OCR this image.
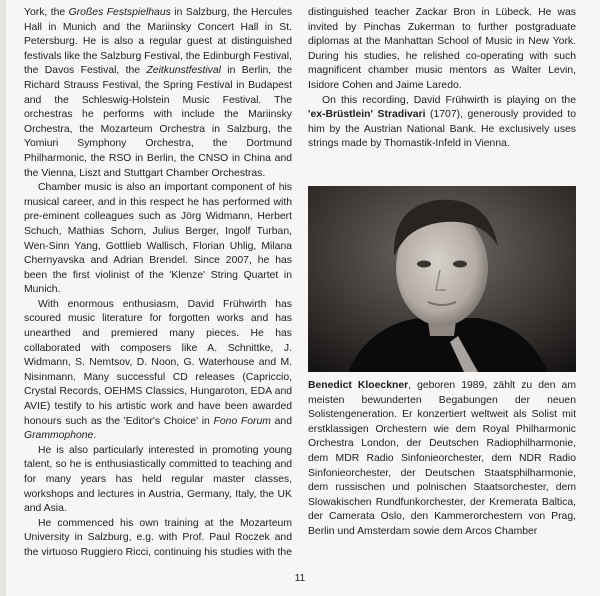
York, the Großes Festspielhaus in Salzburg, the Hercules Hall in Munich and the Mariinsky Concert Hall in St. Petersburg. He is also a regular guest at distinguished festivals like the Salzburg Festival, the Edinburgh Festival, the Davos Festival, the Zeitkunstfestival in Berlin, the Richard Strauss Festival, the Spring Festival in Budapest and the Schleswig-Holstein Music Festival. The orchestras he performs with include the Mariinsky Orchestra, the Mozarteum Orchestra in Salzburg, the Yomiuri Symphony Orchestra, the Dortmund Philharmonic, the RSO in Berlin, the CNSO in China and the Vienna, Liszt and Stuttgart Chamber Orchestras.

Chamber music is also an important component of his musical career, and in this respect he has performed with pre-eminent colleagues such as Jörg Widmann, Herbert Schuch, Mathias Schorn, Julius Berger, Ingolf Turban, Wen-Sinn Yang, Gottlieb Wallisch, Florian Uhlig, Milana Chernyavska and Adrian Brendel. Since 2007, he has been the first violinist of the 'Klenze' String Quartet in Munich.

With enormous enthusiasm, David Frühwirth has scoured music literature for forgotten works and has unearthed and premiered many pieces. He has collaborated with composers like A. Schnittke, J. Widmann, S. Nemtsov, D. Noon, G. Waterhouse and M. Nisinmann. Many successful CD releases (Capriccio, Crystal Records, OEHMS Classics, Hungaroton, EDA and AVIE) testify to his artistic work and have been awarded honours such as the 'Editor's Choice' in Fono Forum and Grammophone.

He is also particularly interested in promoting young talent, so he is enthusiastically committed to teaching and for many years has held regular master classes, workshops and lectures in Austria, Germany, Italy, the UK and Asia.

He commenced his own training at the Mozarteum University in Salzburg, e.g. with Prof. Paul Roczek and the virtuoso Ruggiero Ricci, continuing his studies with the

distinguished teacher Zackar Bron in Lübeck. He was invited by Pinchas Zukerman to further postgraduate diplomas at the Manhattan School of Music in New York. During his studies, he relished co-operating with such magnificent chamber music mentors as Walter Levin, Isidore Cohen and Jaime Laredo.

On this recording, David Frühwirth is playing on the 'ex-Brüstlein' Stradivari (1707), generously provided to him by the Austrian National Bank. He exclusively uses strings made by Thomastik-Infeld in Vienna.

Benedict Kloeckner, geboren 1989, zählt zu den am meisten bewunderten Begabungen der neuen Solistengeneration. Er konzertiert weltweit als Solist mit erstklassigen Orchestern wie dem Royal Philharmonic Orchestra London, der Deutschen Radiophilharmonie, dem MDR Radio Sinfonieorchester, dem NDR Radio Sinfonieorchester, der Deutschen Staatsphilharmonie, dem russischen und polnischen Staatsorchester, dem Slowakischen Rundfunkorchester, der Kremerata Baltica, der Camerata Oslo, den Kammerorchestern von Prag, Berlin und Amsterdam sowie dem Arcos Chamber

11
